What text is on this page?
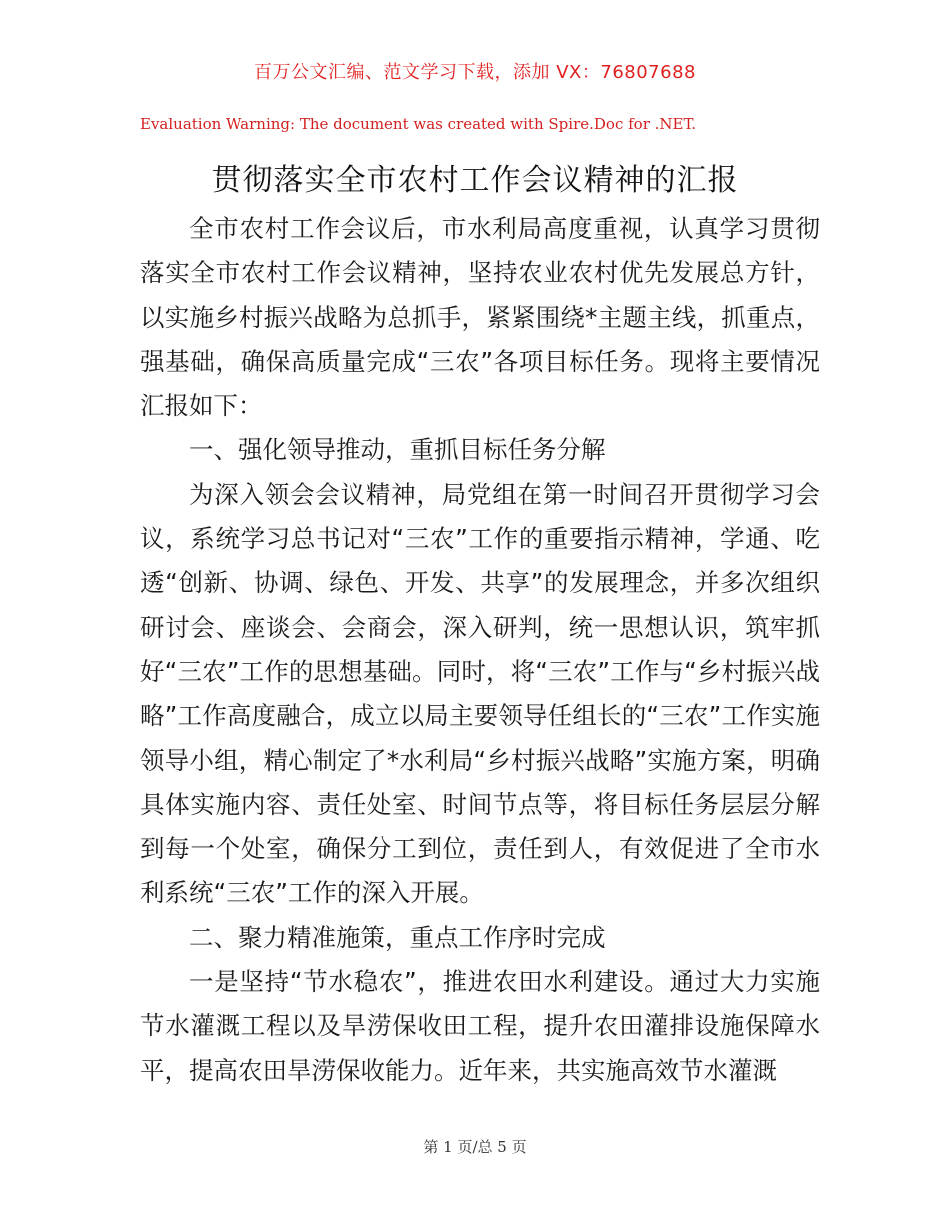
百万公文汇编、范文学习下载，添加 VX：76807688
Evaluation Warning: The document was created with Spire.Doc for .NET.
贯彻落实全市农村工作会议精神的汇报

全市农村工作会议后，市水利局高度重视，认真学习贯彻落实全市农村工作会议精神，坚持农业农村优先发展总方针，以实施乡村振兴战略为总抓手，紧紧围绕*主题主线，抓重点，强基础，确保高质量完成“三农”各项目标任务。现将主要情况汇报如下：

一、强化领导推动，重抓目标任务分解

为深入领会会议精神，局党组在第一时间召开贯彻学习会议，系统学习总书记对“三农”工作的重要指示精神，学通、吃透“创新、协调、绿色、开发、共享”的发展理念，并多次组织研讨会、座谈会、会商会，深入研判，统一思想认识，筑牢抓好“三农”工作的思想基础。同时，将“三农”工作与“乡村振兴战略”工作高度融合，成立以局主要领导任组长的“三农”工作实施领导小组，精心制定了*水利局“乡村振兴战略”实施方案，明确具体实施内容、责任处室、时间节点等，将目标任务层层分解到每一个处室，确保分工到位，责任到人，有效促进了全市水利系统“三农”工作的深入开展。

二、聚力精准施策，重点工作序时完成

一是坚持“节水稳农”，推进农田水利建设。通过大力实施节水灌溉工程以及旱涝保收田工程，提升农田灌排设施保障水平，提高农田旱涝保收能力。近年来，共实施高效节水灌溉

第 1 页/总 5 页
